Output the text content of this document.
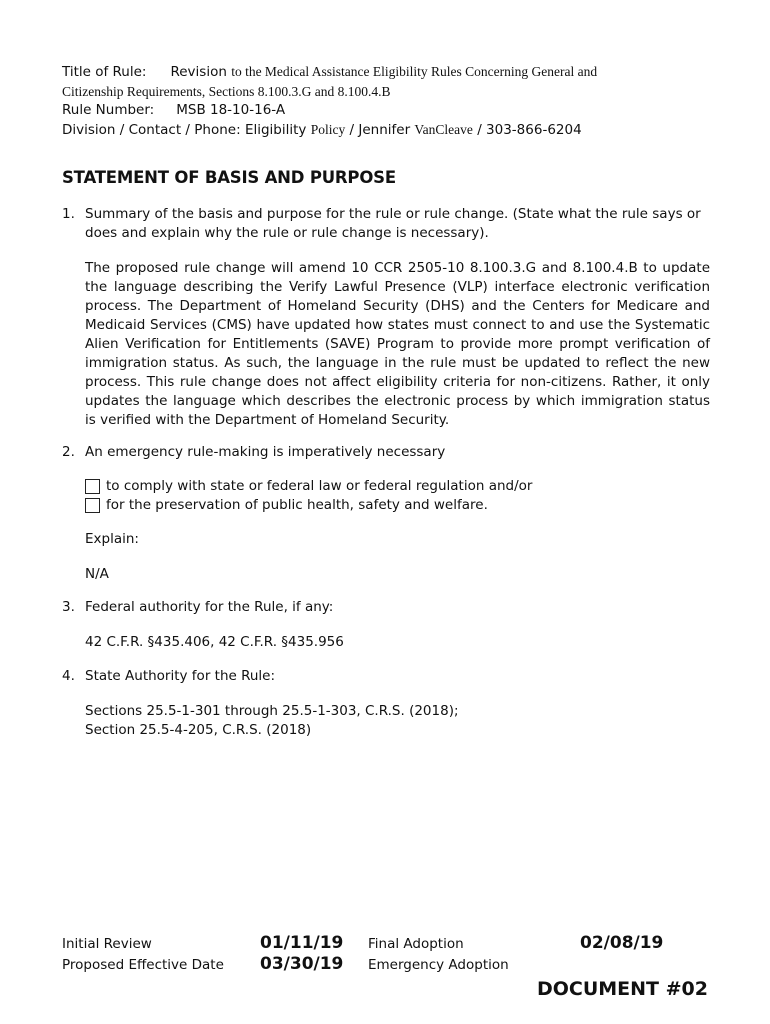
Title of Rule: Revision to the Medical Assistance Eligibility Rules Concerning General and
Citizenship Requirements, Sections 8.100.3.G and 8.100.4.B
Rule Number: MSB 18-10-16-A
Division / Contact / Phone: Eligibility Policy / Jennifer VanCleave / 303-866-6204
STATEMENT OF BASIS AND PURPOSE
1. Summary of the basis and purpose for the rule or rule change. (State what the rule says or does and explain why the rule or rule change is necessary).
The proposed rule change will amend 10 CCR 2505-10 8.100.3.G and 8.100.4.B to update the language describing the Verify Lawful Presence (VLP) interface electronic verification process. The Department of Homeland Security (DHS) and the Centers for Medicare and Medicaid Services (CMS) have updated how states must connect to and use the Systematic Alien Verification for Entitlements (SAVE) Program to provide more prompt verification of immigration status. As such, the language in the rule must be updated to reflect the new process. This rule change does not affect eligibility criteria for non-citizens. Rather, it only updates the language which describes the electronic process by which immigration status is verified with the Department of Homeland Security.
2. An emergency rule-making is imperatively necessary
to comply with state or federal law or federal regulation and/or
for the preservation of public health, safety and welfare.
Explain:
N/A
3. Federal authority for the Rule, if any:
42 C.F.R. §435.406, 42 C.F.R. §435.956
4. State Authority for the Rule:
Sections 25.5-1-301 through 25.5-1-303, C.R.S. (2018);
Section 25.5-4-205, C.R.S. (2018)
Initial Review	01/11/19 Final Adoption	02/08/19
Proposed Effective Date 03/30/19 Emergency Adoption
DOCUMENT #02
